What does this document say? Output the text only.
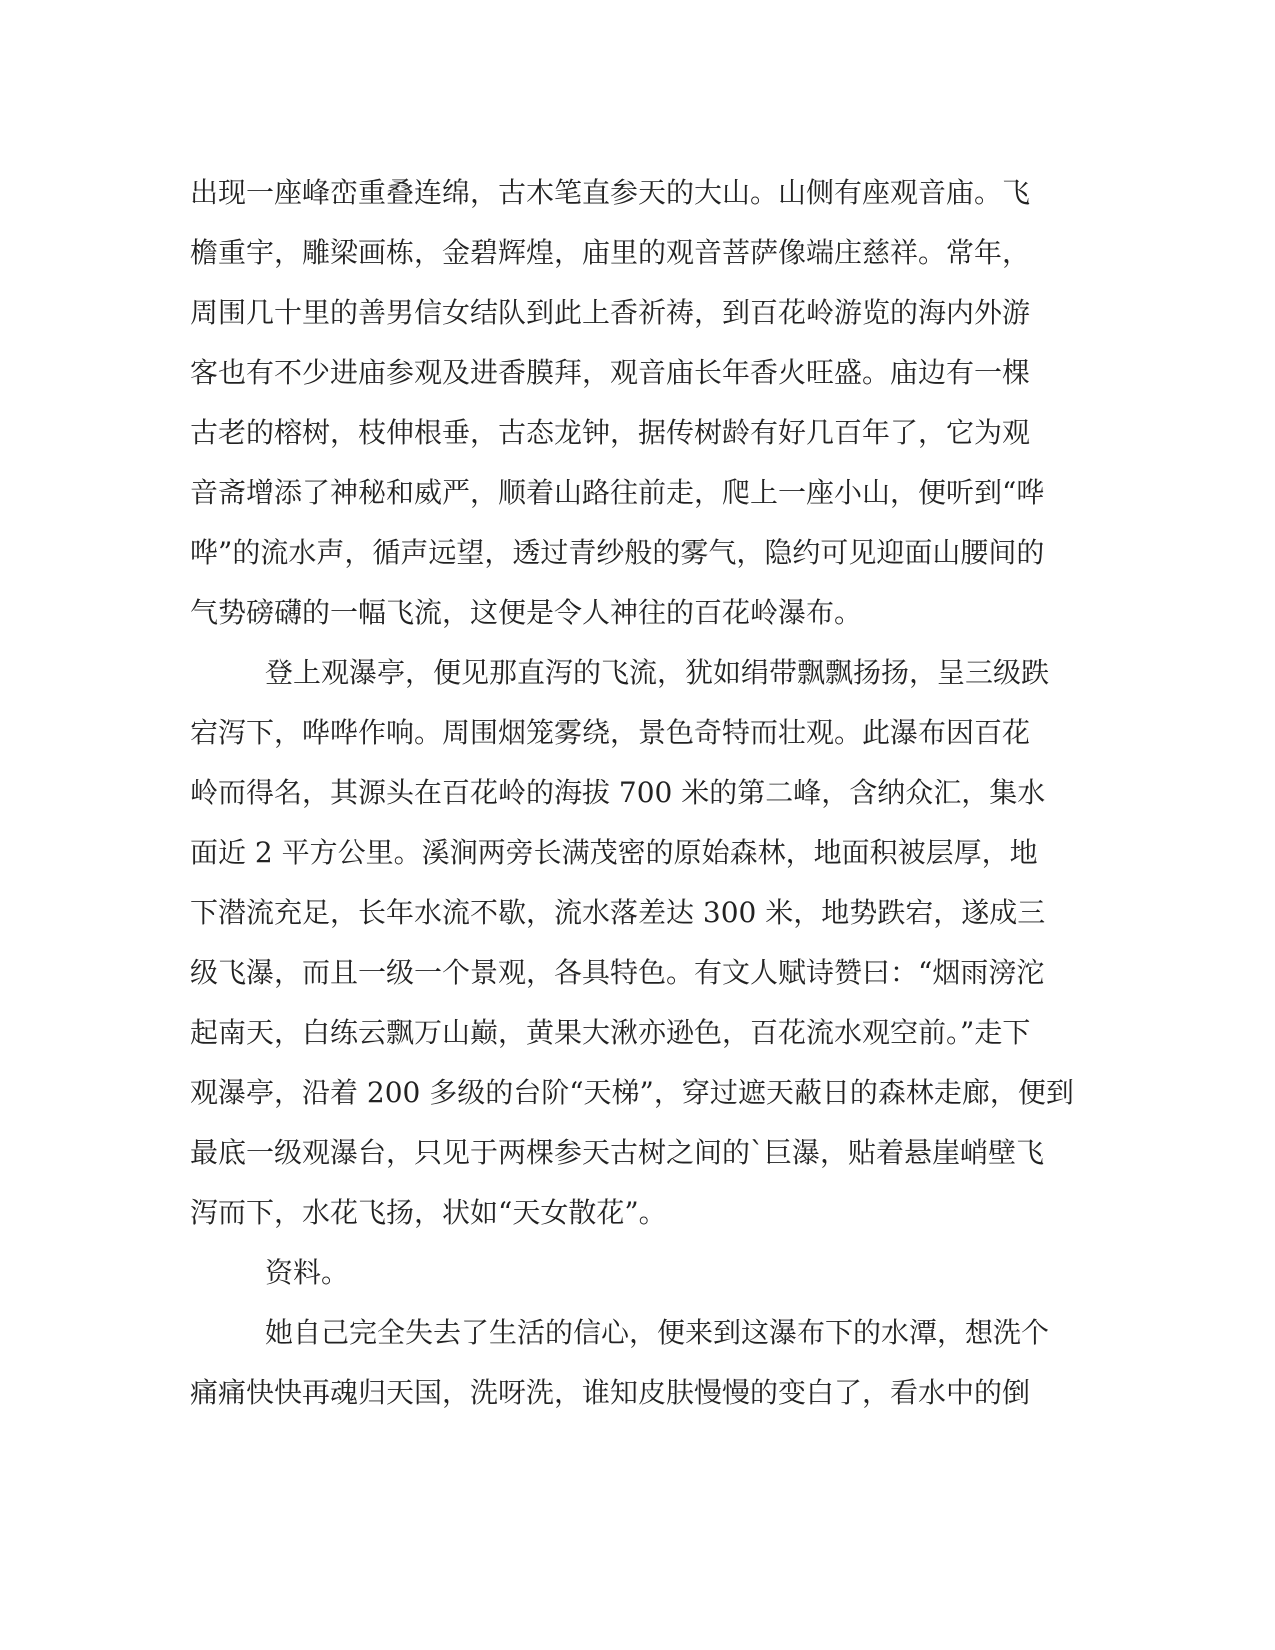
出现一座峰峦重叠连绵，古木笔直参天的大山。山侧有座观音庙。飞
檐重宇，雕梁画栋，金碧辉煌，庙里的观音菩萨像端庄慈祥。常年，
周围几十里的善男信女结队到此上香祈祷，到百花岭游览的海内外游
客也有不少进庙参观及进香膜拜，观音庙长年香火旺盛。庙边有一棵
古老的榕树，枝伸根垂，古态龙钟，据传树龄有好几百年了，它为观
音斋增添了神秘和威严，顺着山路往前走，爬上一座小山，便听到“哗
哗”的流水声，循声远望，透过青纱般的雾气，隐约可见迎面山腰间的
气势磅礴的一幅飞流，这便是令人神往的百花岭瀑布。
登上观瀑亭，便见那直泻的飞流，犹如绢带飘飘扬扬，呈三级跌
宕泻下，哗哗作响。周围烟笼雾绕，景色奇特而壮观。此瀑布因百花
岭而得名，其源头在百花岭的海拔 700 米的第二峰，含纳众汇，集水
面近 2 平方公里。溪涧两旁长满茂密的原始森林，地面积被层厚，地
下潜流充足，长年水流不歇，流水落差达 300 米，地势跌宕，遂成三
级飞瀑，而且一级一个景观，各具特色。有文人赋诗赞曰：“烟雨滂沱
起南天，白练云飘万山巅，黄果大湫亦逊色，百花流水观空前。”走下
观瀑亭，沿着 200 多级的台阶“天梯”，穿过遮天蔽日的森林走廊，便到
最底一级观瀑台，只见于两棵参天古树之间的`巨瀑，贴着悬崖峭壁飞
泻而下，水花飞扬，状如“天女散花”。
资料。
她自己完全失去了生活的信心，便来到这瀑布下的水潭，想洗个
痛痛快快再魂归天国，洗呀洗，谁知皮肤慢慢的变白了，看水中的倒
